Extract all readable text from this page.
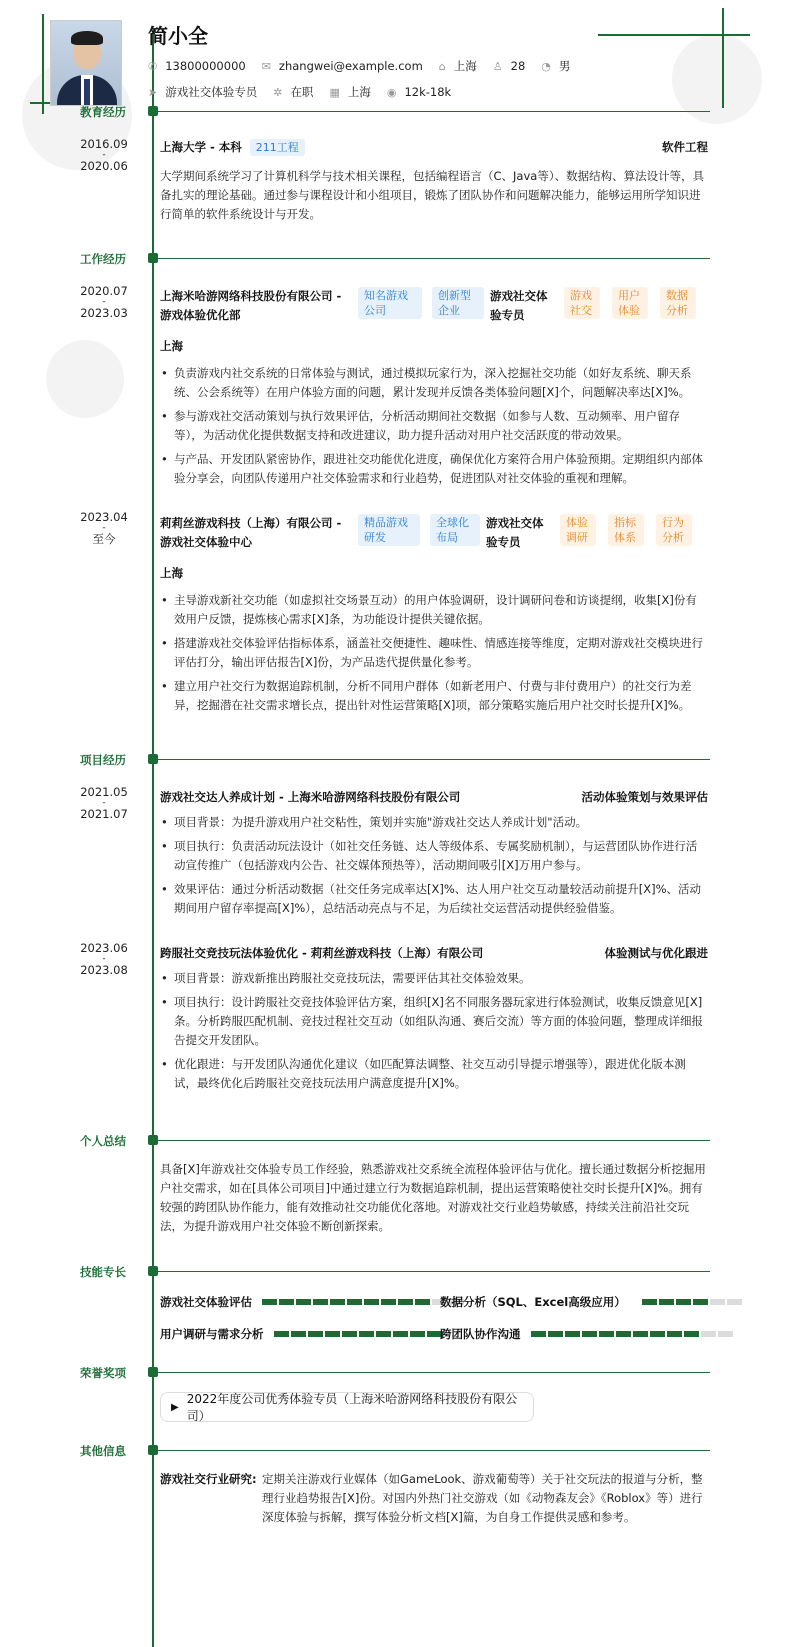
简小全
✆ 13800000000 ✉ zhangwei@example.com ⌂ 上海 ♙ 28 ◔ 男
➤ 游戏社交体验专员 ✲ 在职 ▦ 上海 ◉ 12k-18k
教育经历
2016.09
-
2020.06
上海大学 - 本科	211工程	软件工程
大学期间系统学习了计算机科学与技术相关课程，包括编程语言（C、Java等）、数据结构、算法设计等，具备扎实的理论基础。通过参与课程设计和小组项目，锻炼了团队协作和问题解决能力，能够运用所学知识进行简单的软件系统设计与开发。
工作经历
2020.07
-
2023.03
上海米哈游网络科技股份有限公司 - 游戏体验优化部
知名游戏公司
创新型企业
游戏社交体验专员
游戏社交
用户体验
数据分析
上海
• 负责游戏内社交系统的日常体验与测试，通过模拟玩家行为，深入挖掘社交功能（如好友系统、聊天系统、公会系统等）在用户体验方面的问题，累计发现并反馈各类体验问题[X]个，问题解决率达[X]%。
• 参与游戏社交活动策划与执行效果评估，分析活动期间社交数据（如参与人数、互动频率、用户留存等），为活动优化提供数据支持和改进建议，助力提升活动对用户社交活跃度的带动效果。
• 与产品、开发团队紧密协作，跟进社交功能优化进度，确保优化方案符合用户体验预期。定期组织内部体验分享会，向团队传递用户社交体验需求和行业趋势，促进团队对社交体验的重视和理解。
2023.04
-
至今
莉莉丝游戏科技（上海）有限公司 - 游戏社交体验中心
精品游戏研发
全球化布局
游戏社交体验专员
体验调研
指标体系
行为分析
上海
• 主导游戏新社交功能（如虚拟社交场景互动）的用户体验调研，设计调研问卷和访谈提纲，收集[X]份有效用户反馈，提炼核心需求[X]条，为功能设计提供关键依据。
• 搭建游戏社交体验评估指标体系，涵盖社交便捷性、趣味性、情感连接等维度，定期对游戏社交模块进行评估打分，输出评估报告[X]份，为产品迭代提供量化参考。
• 建立用户社交行为数据追踪机制，分析不同用户群体（如新老用户、付费与非付费用户）的社交行为差异，挖掘潜在社交需求增长点，提出针对性运营策略[X]项，部分策略实施后用户社交时长提升[X]%。
项目经历
2021.05
-
2021.07
游戏社交达人养成计划 - 上海米哈游网络科技股份有限公司	活动体验策划与效果评估
• 项目背景：为提升游戏用户社交粘性，策划并实施"游戏社交达人养成计划"活动。
• 项目执行：负责活动玩法设计（如社交任务链、达人等级体系、专属奖励机制），与运营团队协作进行活动宣传推广（包括游戏内公告、社交媒体预热等），活动期间吸引[X]万用户参与。
• 效果评估：通过分析活动数据（社交任务完成率达[X]%、达人用户社交互动量较活动前提升[X]%、活动期间用户留存率提高[X]%），总结活动亮点与不足，为后续社交运营活动提供经验借鉴。
2023.06
-
2023.08
跨服社交竞技玩法体验优化 - 莉莉丝游戏科技（上海）有限公司	体验测试与优化跟进
• 项目背景：游戏新推出跨服社交竞技玩法，需要评估其社交体验效果。
• 项目执行：设计跨服社交竞技体验评估方案，组织[X]名不同服务器玩家进行体验测试，收集反馈意见[X]条。分析跨服匹配机制、竞技过程社交互动（如组队沟通、赛后交流）等方面的体验问题，整理成详细报告提交开发团队。
• 优化跟进：与开发团队沟通优化建议（如匹配算法调整、社交互动引导提示增强等），跟进优化版本测试，最终优化后跨服社交竞技玩法用户满意度提升[X]%。
个人总结
具备[X]年游戏社交体验专员工作经验，熟悉游戏社交系统全流程体验评估与优化。擅长通过数据分析挖掘用户社交需求，如在[具体公司项目]中通过建立行为数据追踪机制，提出运营策略使社交时长提升[X]%。拥有较强的跨团队协作能力，能有效推动社交功能优化落地。对游戏社交行业趋势敏感，持续关注前沿社交玩法，为提升游戏用户社交体验不断创新探索。
技能专长
游戏社交体验评估	数据分析（SQL、Excel高级应用）
用户调研与需求分析	跨团队协作沟通
荣誉奖项
▶
2022年度公司优秀体验专员（上海米哈游网络科技股份有限公司）
其他信息
游戏社交行业研究: 定期关注游戏行业媒体（如GameLook、游戏葡萄等）关于社交玩法的报道与分析，整理行业趋势报告[X]份。对国内外热门社交游戏（如《动物森友会》《Roblox》等）进行深度体验与拆解，撰写体验分析文档[X]篇，为自身工作提供灵感和参考。
